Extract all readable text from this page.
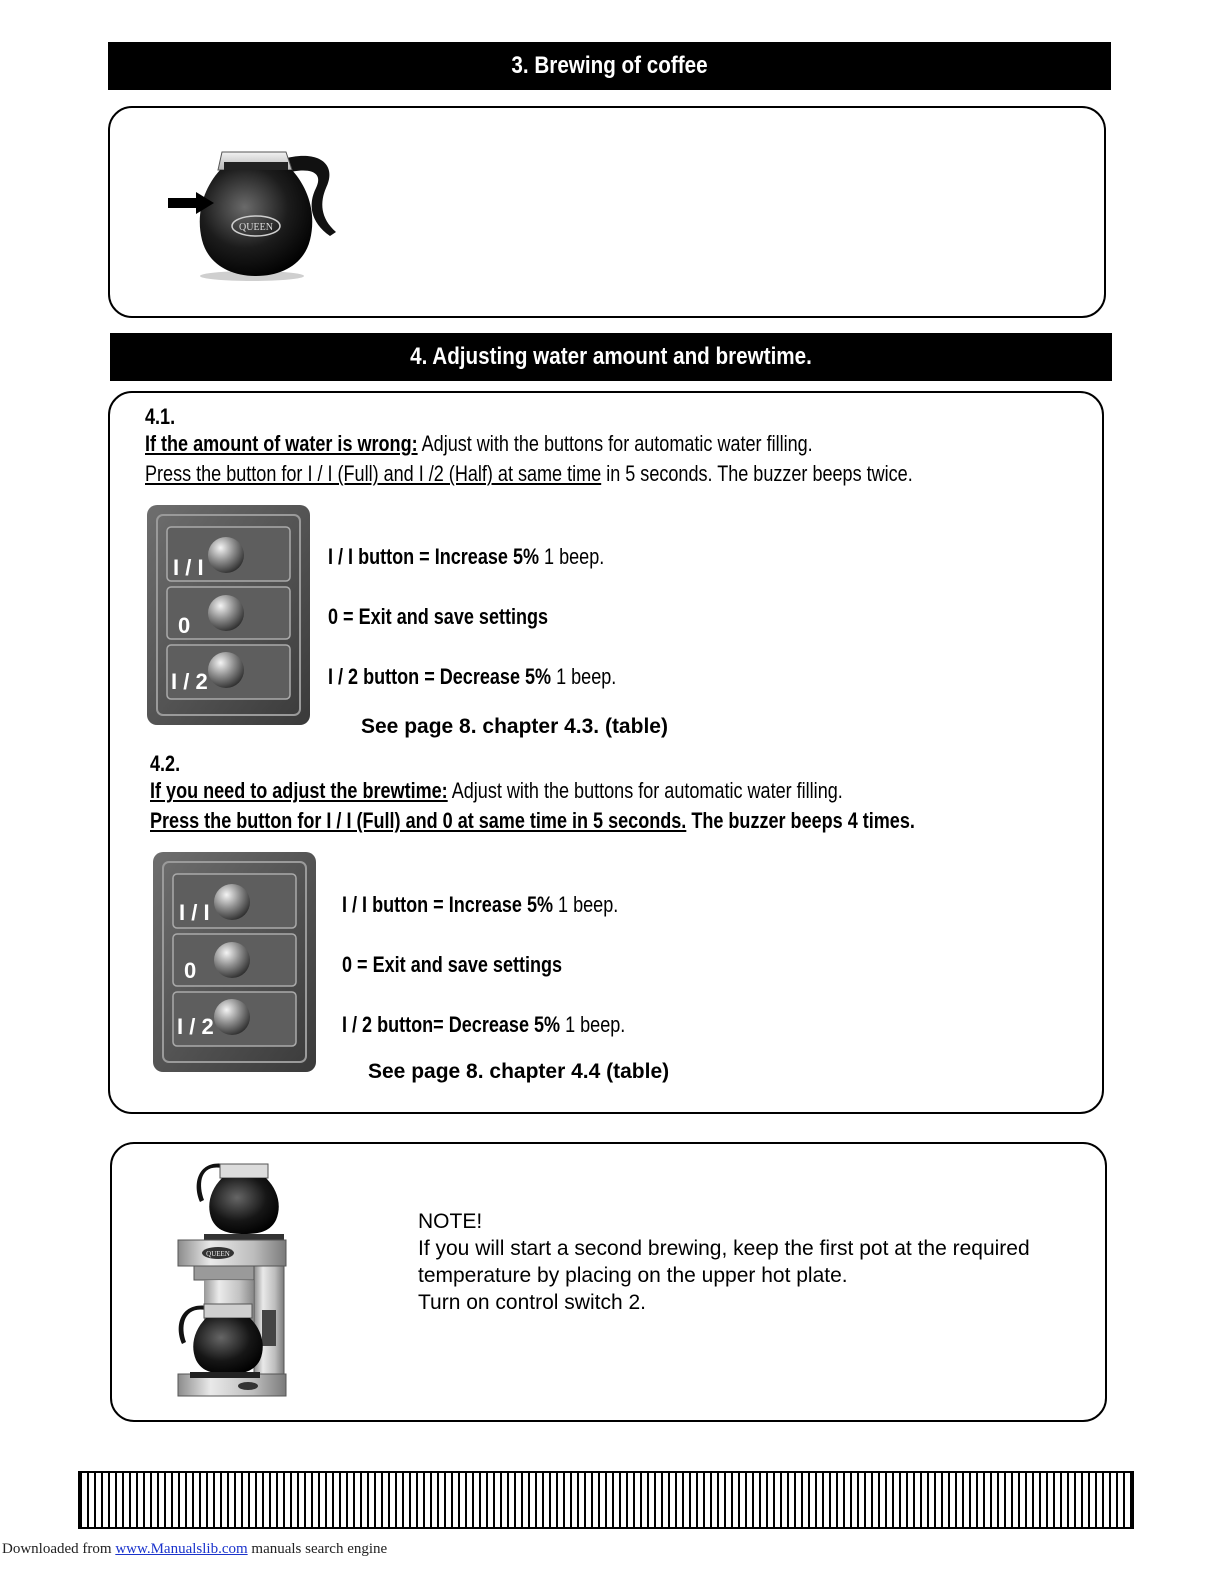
3. Brewing of coffee
QUEEN
4. Adjusting water amount and brewtime.
4.1.
If the amount of water is wrong: Adjust with the buttons for automatic water filling.
Press the button for I / I (Full) and I /2 (Half) at same time in 5 seconds. The buzzer beeps twice.
I / I
0
I / 2
I / I button = Increase 5% 1 beep.
0 = Exit and save settings
I / 2 button = Decrease 5% 1 beep.
See page 8. chapter 4.3. (table)
4.2.
If you need to adjust the brewtime: Adjust with the buttons for automatic water filling.
Press the button for I / I (Full) and 0 at same time in 5 seconds. The buzzer beeps 4 times.
I / I
0
I / 2
I / I button = Increase 5% 1 beep.
0 = Exit and save settings
I / 2 button= Decrease 5% 1 beep.
See page 8. chapter 4.4 (table)
QUEEN
NOTE!
If you will start a second brewing, keep the first pot at the required
temperature by placing on the upper hot plate.
Turn on control switch 2.
Downloaded from www.Manualslib.com manuals search engine
